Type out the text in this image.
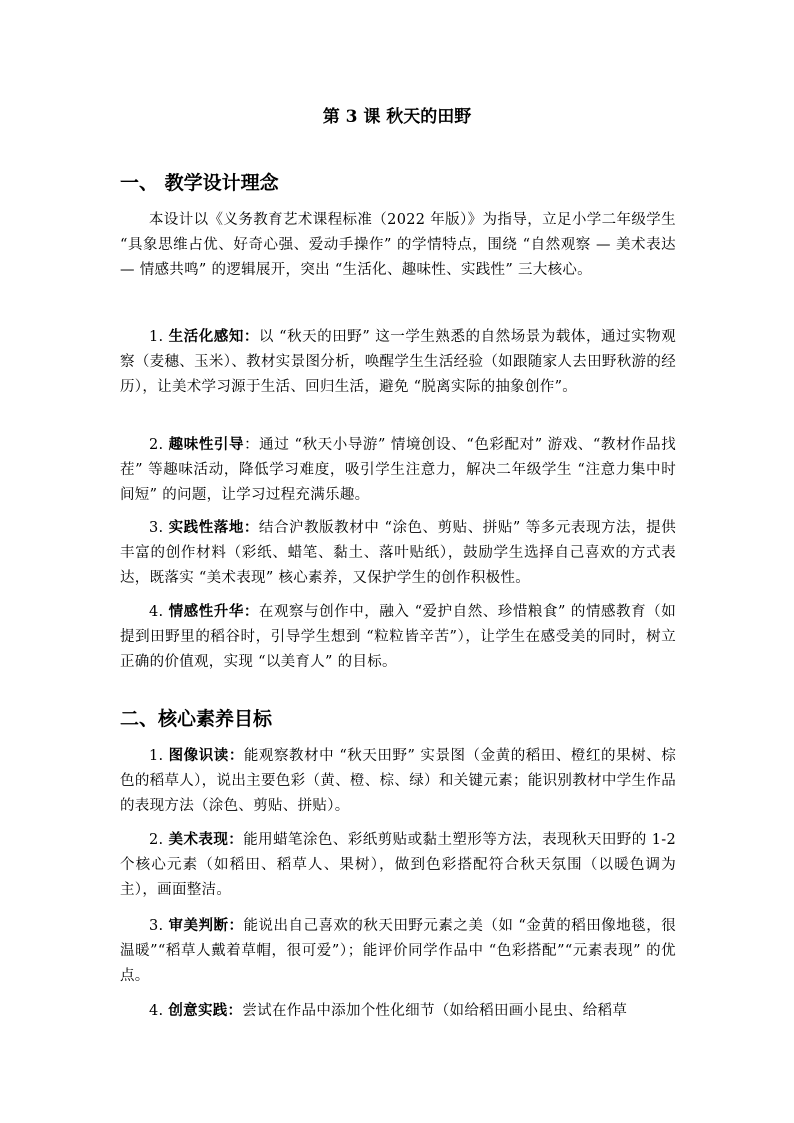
第 3 课 秋天的田野
一、 教学设计理念

本设计以《义务教育艺术课程标准（2022 年版）》为指导，立足小学二年级学生 “具象思维占优、好奇心强、爱动手操作” 的学情特点，围绕 “自然观察 — 美术表达 — 情感共鸣” 的逻辑展开，突出 “生活化、趣味性、实践性” 三大核心。

1. 生活化感知：以 “秋天的田野” 这一学生熟悉的自然场景为载体，通过实物观察（麦穗、玉米）、教材实景图分析，唤醒学生生活经验（如跟随家人去田野秋游的经历），让美术学习源于生活、回归生活，避免 “脱离实际的抽象创作”。

2. 趣味性引导：通过 “秋天小导游” 情境创设、“色彩配对” 游戏、“教材作品找茬” 等趣味活动，降低学习难度，吸引学生注意力，解决二年级学生 “注意力集中时间短” 的问题，让学习过程充满乐趣。

3. 实践性落地：结合沪教版教材中 “涂色、剪贴、拼贴” 等多元表现方法，提供丰富的创作材料（彩纸、蜡笔、黏土、落叶贴纸），鼓励学生选择自己喜欢的方式表达，既落实 “美术表现” 核心素养，又保护学生的创作积极性。

4. 情感性升华：在观察与创作中，融入 “爱护自然、珍惜粮食” 的情感教育（如提到田野里的稻谷时，引导学生想到 “粒粒皆辛苦”），让学生在感受美的同时，树立正确的价值观，实现 “以美育人” 的目标。

二、核心素养目标

1. 图像识读：能观察教材中 “秋天田野” 实景图（金黄的稻田、橙红的果树、棕色的稻草人），说出主要色彩（黄、橙、棕、绿）和关键元素；能识别教材中学生作品的表现方法（涂色、剪贴、拼贴）。

2. 美术表现：能用蜡笔涂色、彩纸剪贴或黏土塑形等方法，表现秋天田野的 1-2 个核心元素（如稻田、稻草人、果树），做到色彩搭配符合秋天氛围（以暖色调为主），画面整洁。

3. 审美判断：能说出自己喜欢的秋天田野元素之美（如 “金黄的稻田像地毯，很温暖”“稻草人戴着草帽，很可爱”）；能评价同学作品中 “色彩搭配”“元素表现” 的优点。

4. 创意实践：尝试在作品中添加个性化细节（如给稻田画小昆虫、给稻草
